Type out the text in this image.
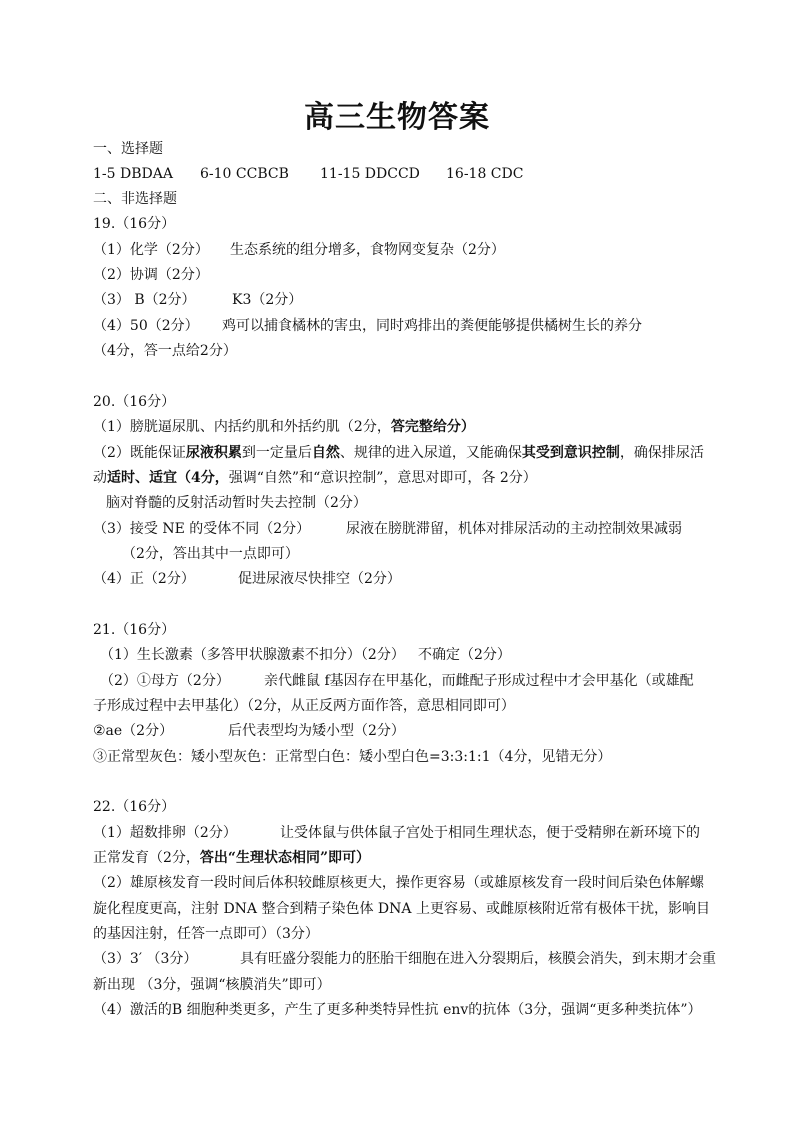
高三生物答案
一、选择题
1-5 DBDAA 6-10 CCBCB 11-15 DDCCD 16-18 CDC
二、非选择题
19.（16分）
（1）化学（2分） 生态系统的组分增多，食物网变复杂（2分）
（2）协调（2分）
（3） B（2分）	K3（2分）
（4）50（2分） 鸡可以捕食橘林的害虫，同时鸡排出的粪便能够提供橘树生长的养分
（4分，答一点给2分）
20.（16分）
（1）膀胱逼尿肌、内括约肌和外括约肌（2分，答完整给分）
（2）既能保证尿液积累到一定量后自然、规律的进入尿道，又能确保其受到意识控制，确保排尿活
动适时、适宜（4分，强调“自然”和“意识控制”，意思对即可，各 2分）
脑对脊髓的反射活动暂时失去控制（2分）
（3）接受 NE 的受体不同（2分）	尿液在膀胱滞留，机体对排尿活动的主动控制效果减弱
（2分，答出其中一点即可）
（4）正（2分）	促进尿液尽快排空（2分）
21.（16分）
（1）生长激素（多答甲状腺激素不扣分）（2分） 不确定（2分）
（2）①母方（2分） 亲代雌鼠 f基因存在甲基化，而雌配子形成过程中才会甲基化（或雄配
子形成过程中去甲基化）（2分，从正反两方面作答，意思相同即可）
②ae（2分）	后代表型均为矮小型（2分）
③正常型灰色：矮小型灰色：正常型白色：矮小型白色=3:3:1:1（4分，见错无分）
22.（16分）
（1）超数排卵（2分）	让受体鼠与供体鼠子宫处于相同生理状态，便于受精卵在新环境下的
正常发育（2分，答出“生理状态相同”即可）
（2）雄原核发育一段时间后体积较雌原核更大，操作更容易（或雄原核发育一段时间后染色体解螺
旋化程度更高，注射 DNA 整合到精子染色体 DNA 上更容易、或雌原核附近常有极体干扰，影响目
的基因注射，任答一点即可）（3分）
（3）3′ （3分）	具有旺盛分裂能力的胚胎干细胞在进入分裂期后，核膜会消失，到末期才会重
新出现 （3分，强调“核膜消失”即可）
（4）激活的B 细胞种类更多，产生了更多种类特异性抗 env的抗体（3分，强调“更多种类抗体”）
